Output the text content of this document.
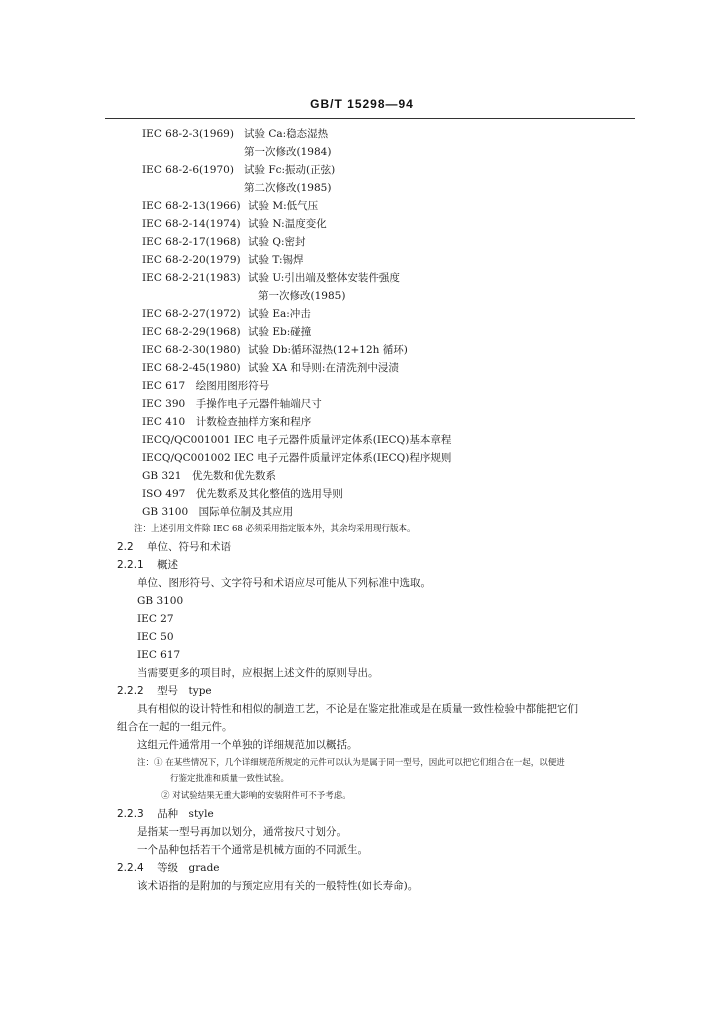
GB/T 15298—94
IEC 68-2-3(1969) 试验 Ca:稳态湿热
第一次修改(1984)
IEC 68-2-6(1970) 试验 Fc:振动(正弦)
第二次修改(1985)
IEC 68-2-13(1966) 试验 M:低气压
IEC 68-2-14(1974) 试验 N:温度变化
IEC 68-2-17(1968) 试验 Q:密封
IEC 68-2-20(1979) 试验 T:锡焊
IEC 68-2-21(1983) 试验 U:引出端及整体安装件强度
第一次修改(1985)
IEC 68-2-27(1972) 试验 Ea:冲击
IEC 68-2-29(1968) 试验 Eb:碰撞
IEC 68-2-30(1980) 试验 Db:循环湿热(12+12h 循环)
IEC 68-2-45(1980) 试验 XA 和导则:在清洗剂中浸渍
IEC 617　绘图用图形符号
IEC 390　手操作电子元器件轴端尺寸
IEC 410　计数检查抽样方案和程序
IECQ/QC001001 IEC 电子元器件质量评定体系(IECQ)基本章程
IECQ/QC001002 IEC 电子元器件质量评定体系(IECQ)程序规则
GB 321　优先数和优先数系
ISO 497　优先数系及其化整值的选用导则
GB 3100　国际单位制及其应用
注：上述引用文件除 IEC 68 必须采用指定版本外，其余均采用现行版本。
2.2 单位、符号和术语
2.2.1 概述
单位、图形符号、文字符号和术语应尽可能从下列标准中选取。
GB 3100
IEC 27
IEC 50
IEC 617
当需要更多的项目时，应根据上述文件的原则导出。
2.2.2 型号　type
具有相似的设计特性和相似的制造工艺，不论是在鉴定批准或是在质量一致性检验中都能把它们
组合在一起的一组元件。
这组元件通常用一个单独的详细规范加以概括。
注：① 在某些情况下，几个详细规范所规定的元件可以认为是属于同一型号，因此可以把它们组合在一起，以便进
行鉴定批准和质量一致性试验。
② 对试验结果无重大影响的安装附件可不予考虑。
2.2.3 品种　style
是指某一型号再加以划分，通常按尺寸划分。
一个品种包括若干个通常是机械方面的不同派生。
2.2.4 等级　grade
该术语指的是附加的与预定应用有关的一般特性(如长寿命)。
